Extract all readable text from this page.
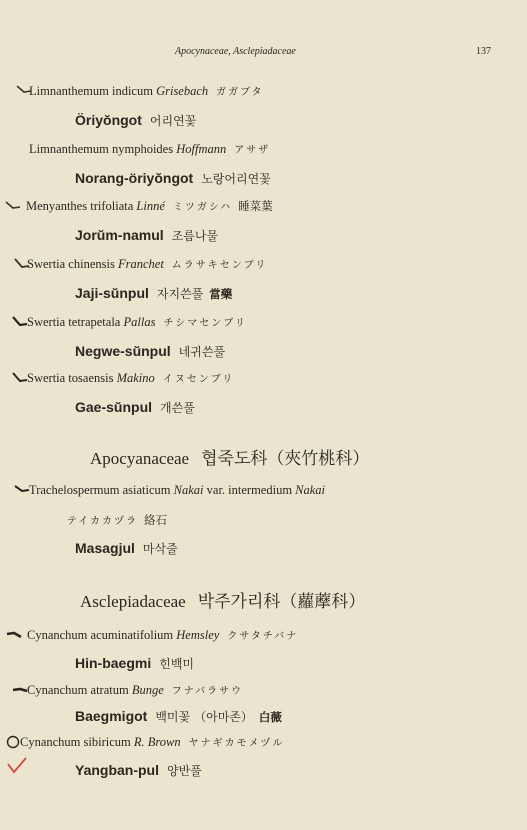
Apocynaceae, Asclepiadaceae	137
Limnanthemum indicum Grisebach ガガブタ
Öriyŏngot 어리연꽃
Limnanthemum nymphoides Hoffmann アサザ
Norang-öriyŏngot 노랑어리연꽃
Menyanthes trifoliata Linné ミツガシハ 睡菜葉
Jorŭm-namul 조름나물
Swertia chinensis Franchet ムラサキセンブリ
Jaji-sŭnpul 자지쓴풀 當藥
Swertia tetrapetala Pallas チシマセンブリ
Negwe-sŭnpul 네귀쓴풀
Swertia tosaensis Makino イヌセンブリ
Gae-sŭnpul 개쓴풀
Apocyanaceae 협죽도科（夾竹桃科）
Trachelospermum asiaticum Nakai var. intermedium Nakai
テイカカヅラ 絡石
Masagjul 마삭줄
Asclepiadaceae 박주가리科（蘿藦科）
Cynanchum acuminatifolium Hemsley クサタチバナ
Hin-baegmi 힌백미
Cynanchum atratum Bunge フナバラサウ
Baegmigot 백미꽃 （아마존） 白薇
Cynanchum sibiricum R. Brown ヤナギカモメヅル
Yangban-pul 양반풀
